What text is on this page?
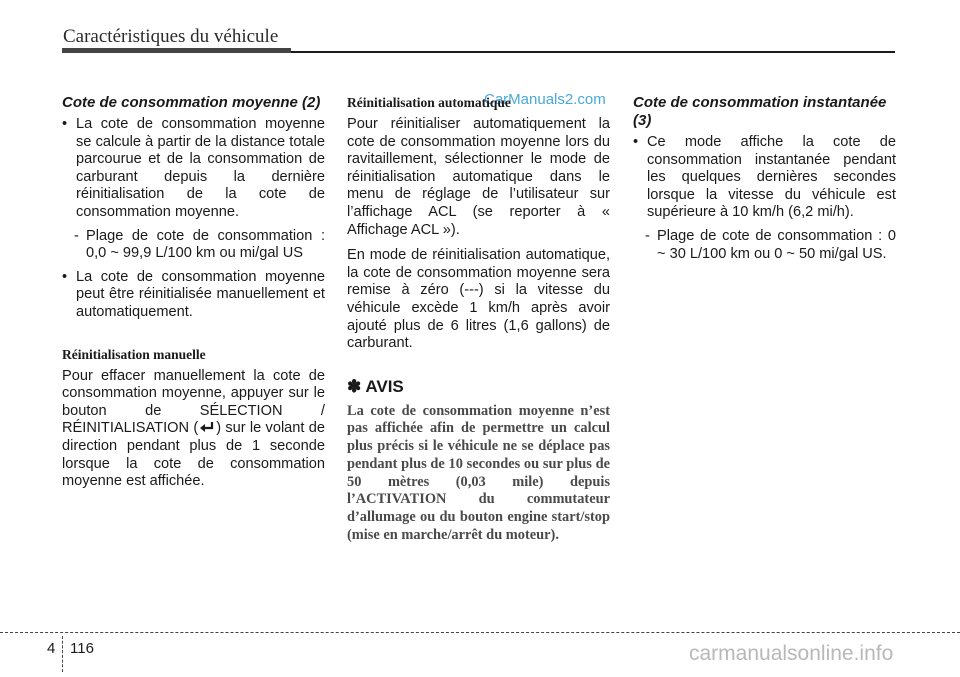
Caractéristiques du véhicule
CarManuals2.com
Cote de consommation moyenne (2)
• La cote de consommation moyenne se calcule à partir de la distance totale parcourue et de la consommation de carburant depuis la dernière réinitialisation de la cote de consommation moyenne.
- Plage de cote de consommation : 0,0 ~ 99,9 L/100 km ou mi/gal US
• La cote de consommation moyenne peut être réinitialisée manuellement et automatiquement.
Réinitialisation manuelle

Pour effacer manuellement la cote de consommation moyenne, appuyer sur le bouton de SÉLECTION / RÉINITIALISATION ( ) sur le volant de direction pendant plus de 1 seconde lorsque la cote de consommation moyenne est affichée.

Réinitialisation automatique

Pour réinitialiser automatiquement la cote de consommation moyenne lors du ravitaillement, sélectionner le mode de réinitialisation automatique dans le menu de réglage de l’utilisateur sur l’affichage ACL (se reporter à « Affichage ACL »).

En mode de réinitialisation automatique, la cote de consommation moyenne sera remise à zéro (---) si la vitesse du véhicule excède 1 km/h après avoir ajouté plus de 6 litres (1,6 gallons) de carburant.

✽ AVIS

La cote de consommation moyenne n’est pas affichée afin de permettre un calcul plus précis si le véhicule ne se déplace pas pendant plus de 10 secondes ou sur plus de 50 mètres (0,03 mile) depuis l’ACTIVATION du commutateur d’allumage ou du bouton engine start/stop (mise en marche/arrêt du moteur).

Cote de consommation instantanée (3)
• Ce mode affiche la cote de consommation instantanée pendant les quelques dernières secondes lorsque la vitesse du véhicule est supérieure à 10 km/h (6,2 mi/h).
- Plage de cote de consommation : 0 ~ 30 L/100 km ou 0 ~ 50 mi/gal US.
4 116	carmanualsonline.info
